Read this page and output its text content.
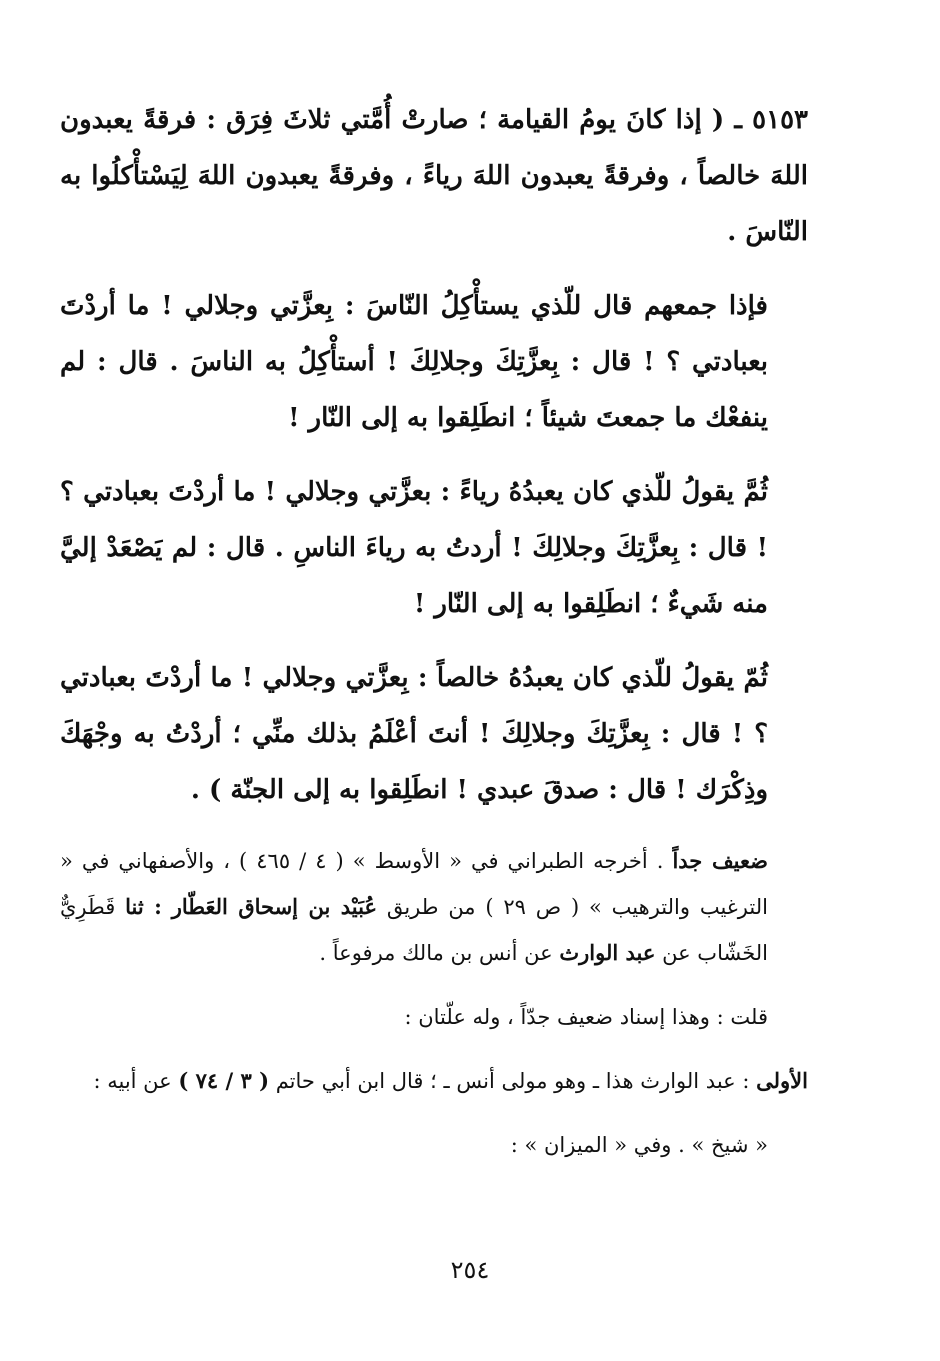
٥١٥٣ ـ ( إذا كانَ يومُ القيامة ؛ صارتْ أُمَّتي ثلاثَ فِرَق : فرقةً يعبدون اللهَ خالصاً ، وفرقةً يعبدون اللهَ رياءً ، وفرقةً يعبدون اللهَ لِيَسْتأْكلُوا به النّاسَ .

فإذا جمعهم قال للّذي يستأْكِلُ النّاسَ : بِعزَّتي وجلالي ! ما أردْتَ بعبادتي ؟ ! قال : بِعزَّتِكَ وجلالِكَ ! أستأْكِلُ به الناسَ . قال : لم ينفعْك ما جمعتَ شيئاً ؛ انطَلِقوا به إلى النّار !

ثُمَّ يقولُ للّذي كان يعبدُهُ رياءً : بعزَّتي وجلالي ! ما أردْتَ بعبادتي ؟ ! قال : بِعزَّتِكَ وجلالِكَ ! أردتُ به رياءَ الناسِ . قال : لم يَصْعَدْ إليَّ منه شَيءٌ ؛ انطَلِقوا به إلى النّار !

ثُمّ يقولُ للّذي كان يعبدُهُ خالصاً : بِعزَّتي وجلالي ! ما أردْتَ بعبادتي ؟ ! قال : بِعزَّتِكَ وجلالِكَ ! أنتَ أعْلَمُ بذلك منِّي ؛ أردْتُ به وجْهَكَ وذِكْرَك ! قال : صدقَ عبدي ! انطَلِقوا به إلى الجنّة ) .

ضعيف جداً . أخرجه الطبراني في « الأوسط » ( ٤ / ٤٦٥ ) ، والأصفهاني في « الترغيب والترهيب » ( ص ٢٩ ) من طريق عُبَيْد بن إسحاق العَطّار : ثنا قَطَرِيٌّ الخَشّاب عن عبد الوارث عن أنس بن مالك مرفوعاً .

قلت : وهذا إسناد ضعيف جدّاً ، وله علّتان :

الأولى : عبد الوارث هذا ـ وهو مولى أنس ـ ؛ قال ابن أبي حاتم ( ٣ / ٧٤ ) عن أبيه :

« شيخ » . وفي « الميزان » :

٢٥٤
